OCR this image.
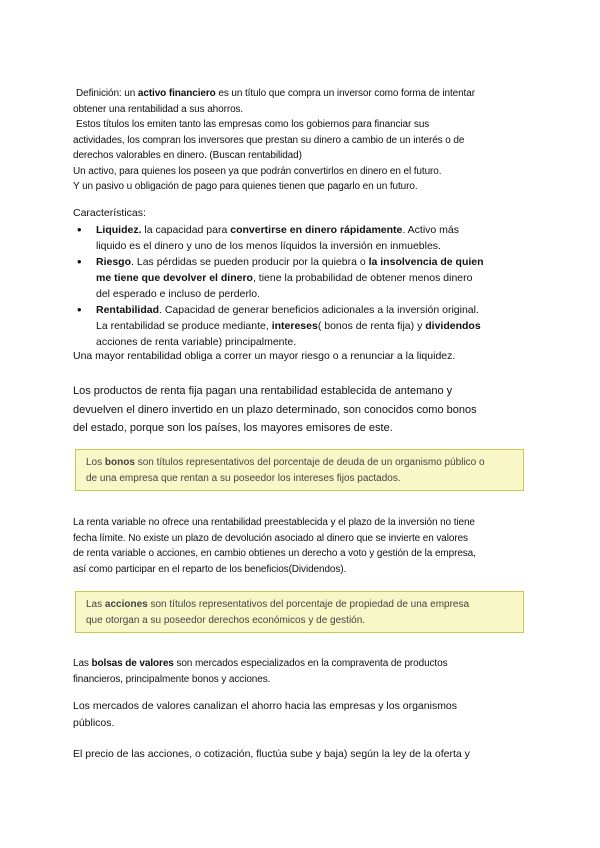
Definición: un activo financiero es un título que compra un inversor como forma de intentar
obtener una rentabilidad a sus ahorros.
Estos títulos los emiten tanto las empresas como los gobiernos para financiar sus
actividades, los compran los inversores que prestan su dinero a cambio de un interés o de
derechos valorables en dinero. (Buscan rentabilidad)
Un activo, para quienes los poseen ya que podrán convertirlos en dinero en el futuro.
Y un pasivo u obligación de pago para quienes tienen que pagarlo en un futuro.
Características:
• Liquidez. la capacidad para convertirse en dinero rápidamente. Activo más
liquido es el dinero y uno de los menos líquidos la inversión en inmuebles.
• Riesgo. Las pérdidas se pueden producir por la quiebra o la insolvencia de quien
me tiene que devolver el dinero, tiene la probabilidad de obtener menos dinero
del esperado e incluso de perderlo.
• Rentabilidad. Capacidad de generar beneficios adicionales a la inversión original.
La rentabilidad se produce mediante, intereses( bonos de renta fija) y dividendos
acciones de renta variable) principalmente.
Una mayor rentabilidad obliga a correr un mayor riesgo o a renunciar a la liquidez.
Los productos de renta fija pagan una rentabilidad establecida de antemano y
devuelven el dinero invertido en un plazo determinado, son conocidos como bonos
del estado, porque son los países, los mayores emisores de este.
Los bonos son títulos representativos del porcentaje de deuda de un organismo público o
de una empresa que rentan a su poseedor los intereses fijos pactados.
La renta variable no ofrece una rentabilidad preestablecida y el plazo de la inversión no tiene
fecha límite. No existe un plazo de devolución asociado al dinero que se invierte en valores
de renta variable o acciones, en cambio obtienes un derecho a voto y gestión de la empresa,
así como participar en el reparto de los beneficios(Dividendos).
Las acciones son títulos representativos del porcentaje de propiedad de una empresa
que otorgan a su poseedor derechos económicos y de gestión.
Las bolsas de valores son mercados especializados en la compraventa de productos
financieros, principalmente bonos y acciones.
Los mercados de valores canalizan el ahorro hacia las empresas y los organismos
públicos.
El precio de las acciones, o cotización, fluctúa sube y baja) según la ley de la oferta y
